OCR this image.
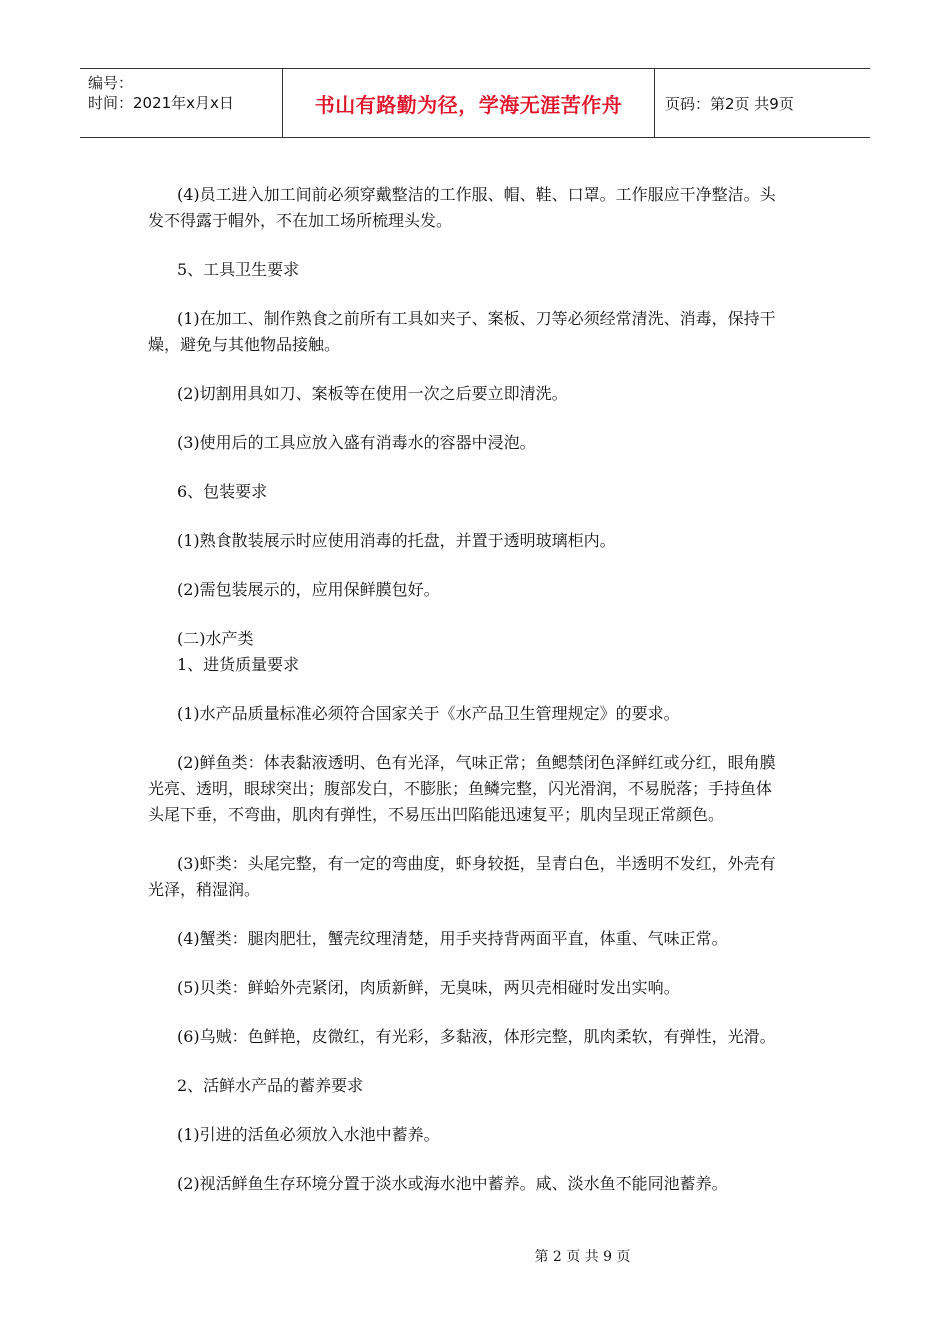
编号：
时间：2021年x月x日	书山有路勤为径，学海无涯苦作舟	页码：第2页 共9页
(4)员工进入加工间前必须穿戴整洁的工作服、帽、鞋、口罩。工作服应干净整洁。头
发不得露于帽外，不在加工场所梳理头发。
5、工具卫生要求
(1)在加工、制作熟食之前所有工具如夹子、案板、刀等必须经常清洗、消毒，保持干
燥，避免与其他物品接触。
(2)切割用具如刀、案板等在使用一次之后要立即清洗。
(3)使用后的工具应放入盛有消毒水的容器中浸泡。
6、包装要求
(1)熟食散装展示时应使用消毒的托盘，并置于透明玻璃柜内。
(2)需包装展示的，应用保鲜膜包好。
(二)水产类
1、进货质量要求
(1)水产品质量标准必须符合国家关于《水产品卫生管理规定》的要求。
(2)鲜鱼类：体表黏液透明、色有光泽，气味正常；鱼鳃禁闭色泽鲜红或分红，眼角膜
光亮、透明，眼球突出；腹部发白，不膨胀；鱼鳞完整，闪光滑润，不易脱落；手持鱼体
头尾下垂，不弯曲，肌肉有弹性，不易压出凹陷能迅速复平；肌肉呈现正常颜色。
(3)虾类：头尾完整，有一定的弯曲度，虾身较挺，呈青白色，半透明不发红，外壳有
光泽，稍湿润。
(4)蟹类：腿肉肥壮，蟹壳纹理清楚，用手夹持背两面平直，体重、气味正常。
(5)贝类：鲜蛤外壳紧闭，肉质新鲜，无臭味，两贝壳相碰时发出实响。
(6)乌贼：色鲜艳，皮微红，有光彩，多黏液，体形完整，肌肉柔软，有弹性，光滑。
2、活鲜水产品的蓄养要求
(1)引进的活鱼必须放入水池中蓄养。
(2)视活鲜鱼生存环境分置于淡水或海水池中蓄养。咸、淡水鱼不能同池蓄养。
第 2 页 共 9 页
